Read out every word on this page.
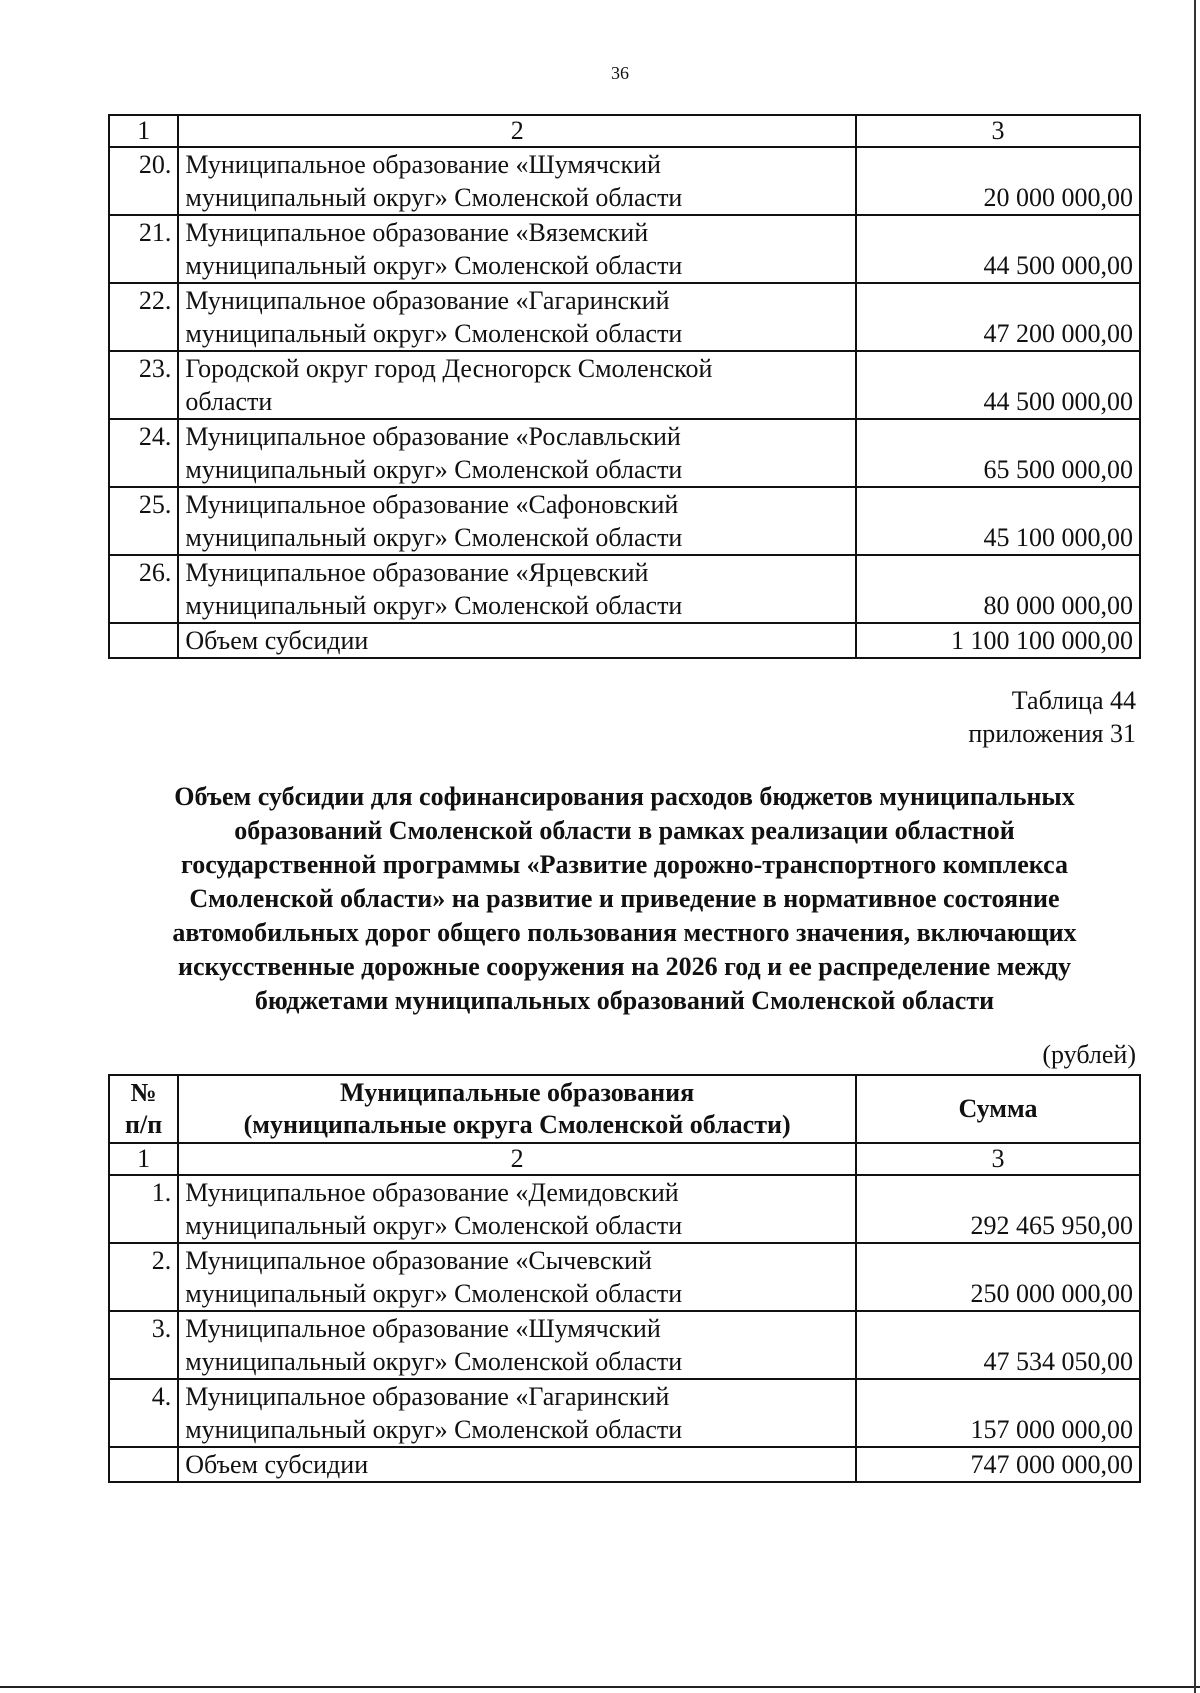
36
1	2	3
20.	Муниципальное образование «Шумячский
муниципальный округ» Смоленской области	20 000 000,00
21.	Муниципальное образование «Вяземский
муниципальный округ» Смоленской области	44 500 000,00
22.	Муниципальное образование «Гагаринский
муниципальный округ» Смоленской области	47 200 000,00
23.	Городской округ город Десногорск Смоленской
области	44 500 000,00
24.	Муниципальное образование «Рославльский
муниципальный округ» Смоленской области	65 500 000,00
25.	Муниципальное образование «Сафоновский
муниципальный округ» Смоленской области	45 100 000,00
26.	Муниципальное образование «Ярцевский
муниципальный округ» Смоленской области	80 000 000,00
	Объем субсидии	1 100 100 000,00
Таблица 44
приложения 31
Объем субсидии для софинансирования расходов бюджетов муниципальных
образований Смоленской области в рамках реализации областной
государственной программы «Развитие дорожно-транспортного комплекса
Смоленской области» на развитие и приведение в нормативное состояние
автомобильных дорог общего пользования местного значения, включающих
искусственные дорожные сооружения на 2026 год и ее распределение между
бюджетами муниципальных образований Смоленской области
(рублей)
№
п/п	Муниципальные образования
(муниципальные округа Смоленской области)	Сумма
1	2	3
1.	Муниципальное образование «Демидовский
муниципальный округ» Смоленской области	292 465 950,00
2.	Муниципальное образование «Сычевский
муниципальный округ» Смоленской области	250 000 000,00
3.	Муниципальное образование «Шумячский
муниципальный округ» Смоленской области	47 534 050,00
4.	Муниципальное образование «Гагаринский
муниципальный округ» Смоленской области	157 000 000,00
	Объем субсидии	747 000 000,00
